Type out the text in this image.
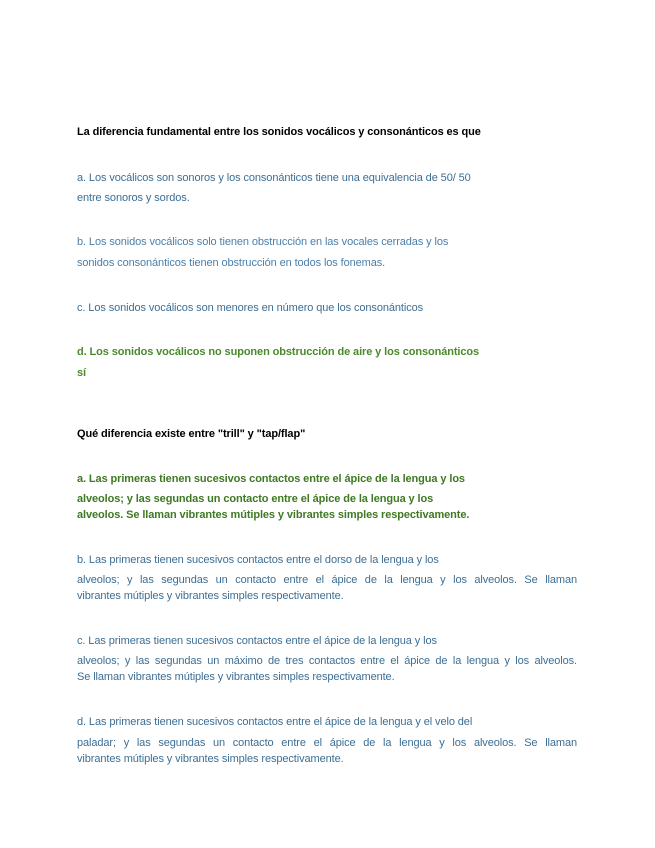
La diferencia fundamental entre los sonidos vocálicos y consonánticos es que
a. Los vocálicos son sonoros y los consonánticos tiene una equivalencia de 50/ 50
entre sonoros y sordos.
b. Los sonidos vocálicos solo tienen obstrucción en las vocales cerradas y los
sonidos consonánticos tienen obstrucción en todos los fonemas.
c. Los sonidos vocálicos son menores en número que los consonánticos
d. Los sonidos vocálicos no suponen obstrucción de aire y los consonánticos
sí
Qué diferencia existe entre "trill" y "tap/flap"
a. Las primeras tienen sucesivos contactos entre el ápice de la lengua y los
alveolos; y las segundas un contacto entre el ápice de la lengua y los
alveolos. Se llaman vibrantes mútiples y vibrantes simples respectivamente.
b. Las primeras tienen sucesivos contactos entre el dorso de la lengua y los
alveolos; y las segundas un contacto entre el ápice de la lengua y los alveolos. Se llaman
vibrantes mútiples y vibrantes simples respectivamente.
c. Las primeras tienen sucesivos contactos entre el ápice de la lengua y los
alveolos; y las segundas un máximo de tres contactos entre el ápice de la lengua y los alveolos.
Se llaman vibrantes mútiples y vibrantes simples respectivamente.
d. Las primeras tienen sucesivos contactos entre el ápice de la lengua y el velo del
paladar; y las segundas un contacto entre el ápice de la lengua y los alveolos. Se llaman
vibrantes mútiples y vibrantes simples respectivamente.
